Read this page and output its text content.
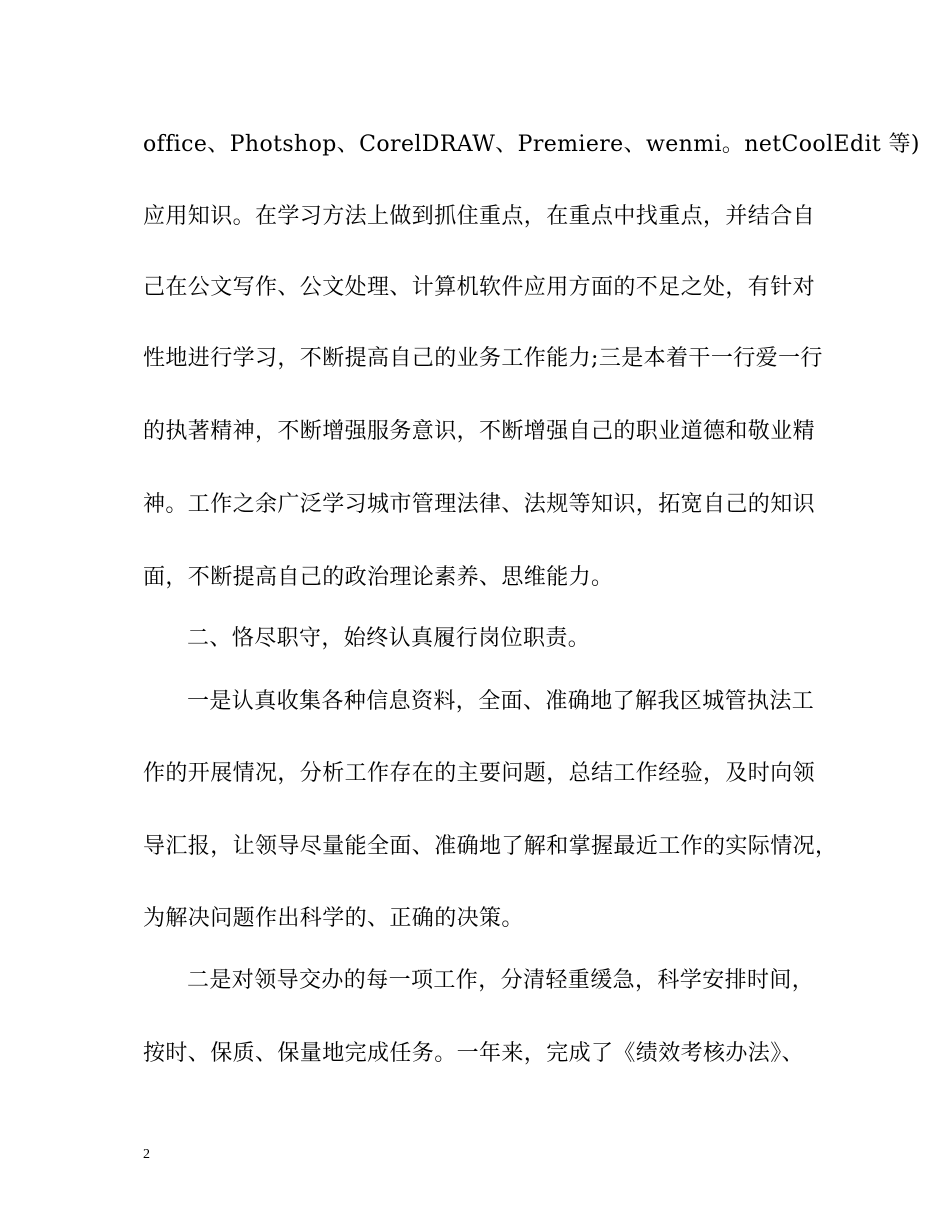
office、Photshop、CorelDRAW、Premiere、wenmi。netCoolEdit 等)
应用知识。在学习方法上做到抓住重点，在重点中找重点，并结合自
己在公文写作、公文处理、计算机软件应用方面的不足之处，有针对
性地进行学习，不断提高自己的业务工作能力;三是本着干一行爱一行
的执著精神，不断增强服务意识，不断增强自己的职业道德和敬业精
神。工作之余广泛学习城市管理法律、法规等知识，拓宽自己的知识
面，不断提高自己的政治理论素养、思维能力。
二、恪尽职守，始终认真履行岗位职责。
一是认真收集各种信息资料，全面、准确地了解我区城管执法工
作的开展情况，分析工作存在的主要问题，总结工作经验，及时向领
导汇报，让领导尽量能全面、准确地了解和掌握最近工作的实际情况，
为解决问题作出科学的、正确的决策。
二是对领导交办的每一项工作，分清轻重缓急，科学安排时间，
按时、保质、保量地完成任务。一年来，完成了《绩效考核办法》、
2
